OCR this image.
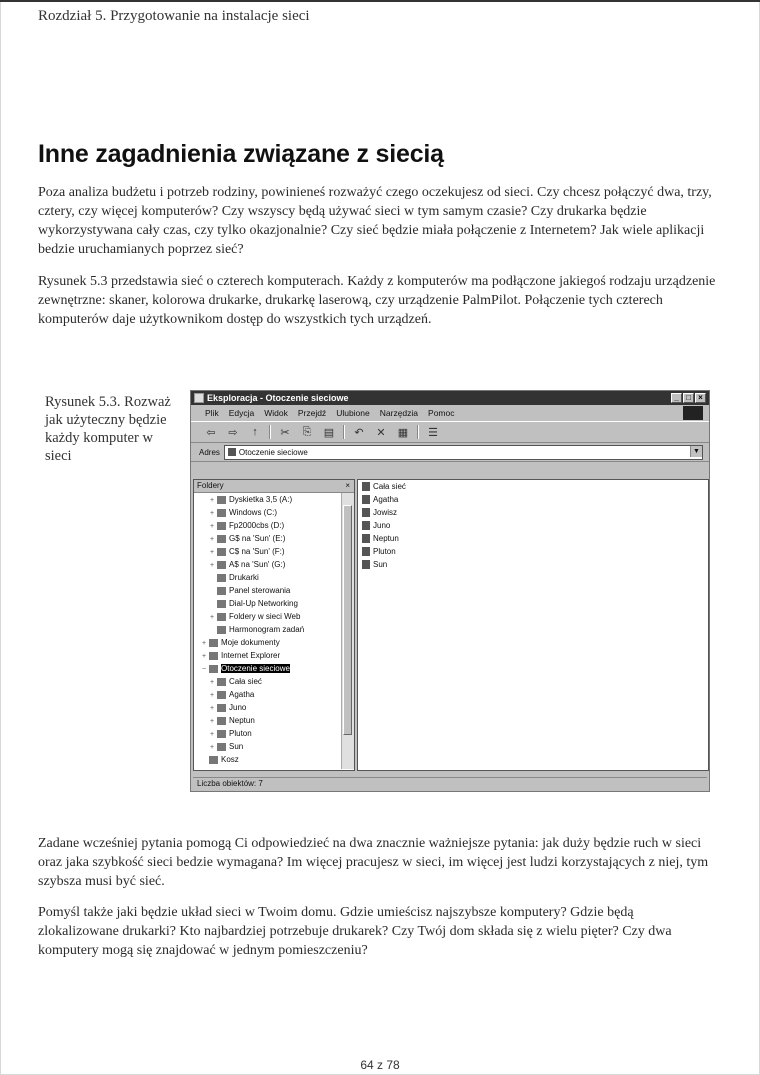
Rozdział 5. Przygotowanie na instalacje sieci
Inne zagadnienia związane z siecią
Poza analiza budżetu i potrzeb rodziny, powinieneś rozważyć czego oczekujesz od sieci. Czy chcesz połączyć dwa, trzy, cztery, czy więcej komputerów? Czy wszyscy będą używać sieci w tym samym czasie? Czy drukarka będzie wykorzystywana cały czas, czy tylko okazjonalnie? Czy sieć będzie miała połączenie z Internetem? Jak wiele aplikacji bedzie uruchamianych poprzez sieć?
Rysunek 5.3 przedstawia sieć o czterech komputerach. Każdy z komputerów ma podłączone jakiegoś rodzaju urządzenie zewnętrzne: skaner, kolorowa drukarke, drukarkę laserową, czy urządzenie PalmPilot. Połączenie tych czterech komputerów daje użytkownikom dostęp do wszystkich tych urządzeń.
Rysunek 5.3. Rozważ jak użyteczny będzie każdy komputer w sieci
Eksploracja - Otoczenie sieciowe	_ □ ×
Plik Edycja Widok Przejdź Ulubione Narzędzia Pomoc
⇦	⇨	↑	✂	⎘	▤	↶	✕	▦ ☰
Adres Otoczenie sieciowe	▼
Foldery	×
+ Dyskietka 3,5 (A:)
+ Windows (C:)
+ Fp2000cbs (D:)
+ G$ na 'Sun' (E:)
+ C$ na 'Sun' (F:)
+ A$ na 'Sun' (G:)
Drukarki
Panel sterowania
Dial-Up Networking
+ Foldery w sieci Web
Harmonogram zadań
+ Moje dokumenty
+ Internet Explorer
− Otoczenie sieciowe
+ Cała sieć
+ Agatha
+ Juno
+ Neptun
+ Pluton
+ Sun
Kosz
Cała sieć
Agatha
Jowisz
Juno
Neptun
Pluton
Sun
Liczba obiektów: 7
Zadane wcześniej pytania pomogą Ci odpowiedzieć na dwa znacznie ważniejsze pytania: jak duży będzie ruch w sieci oraz jaka szybkość sieci bedzie wymagana? Im więcej pracujesz w sieci, im więcej jest ludzi korzystających z niej, tym szybsza musi być sieć.
Pomyśl także jaki będzie układ sieci w Twoim domu. Gdzie umieścisz najszybsze komputery? Gdzie będą zlokalizowane drukarki? Kto najbardziej potrzebuje drukarek? Czy Twój dom składa się z wielu pięter? Czy dwa komputery mogą się znajdować w jednym pomieszczeniu?
64 z 78
